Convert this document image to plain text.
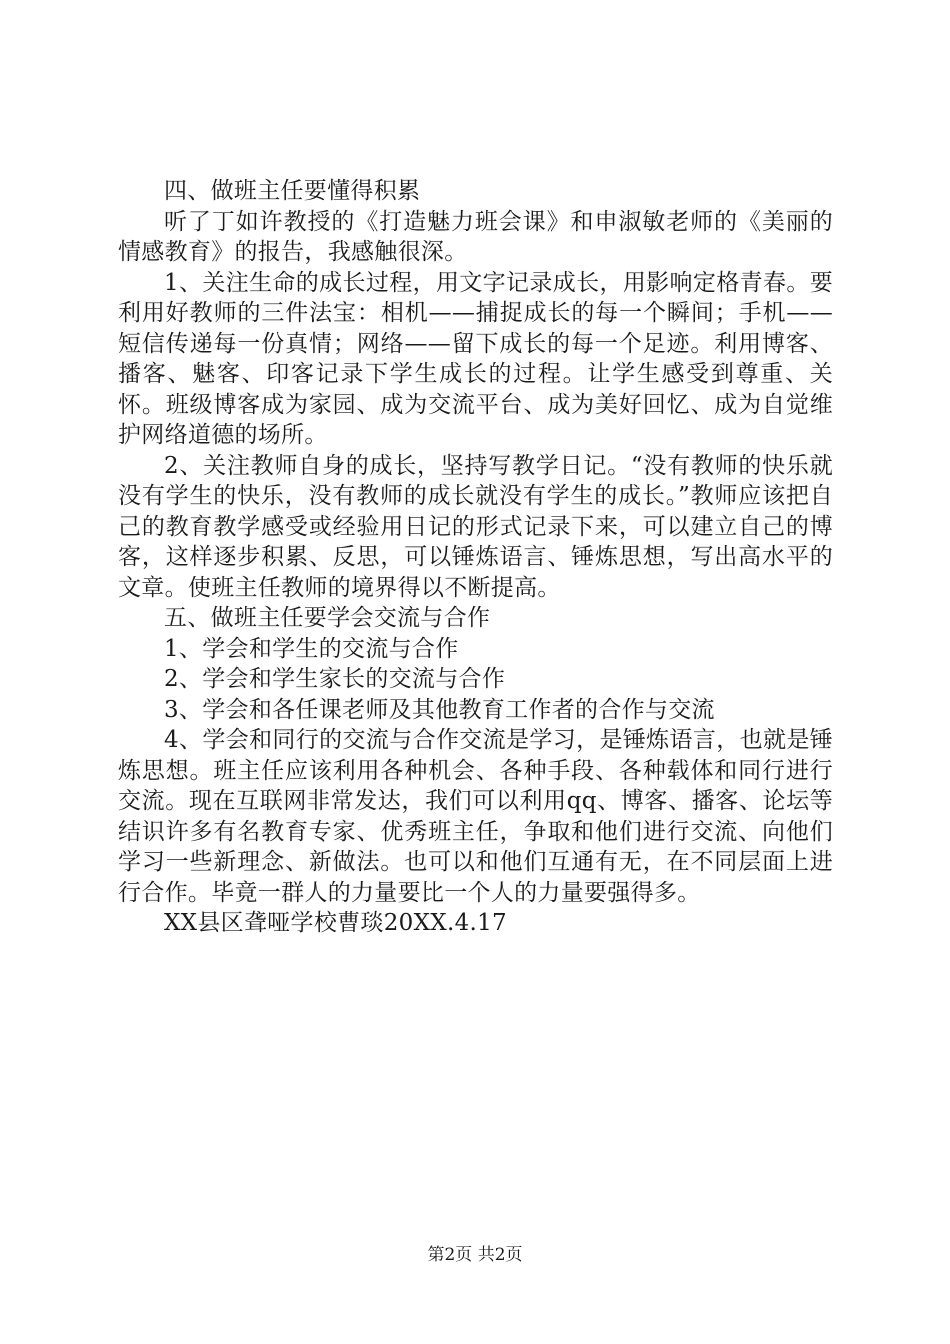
四、做班主任要懂得积累

听了丁如许教授的《打造魅力班会课》和申淑敏老师的《美丽的情感教育》的报告，我感触很深。

1、关注生命的成长过程，用文字记录成长，用影响定格青春。要利用好教师的三件法宝：相机——捕捉成长的每一个瞬间；手机——短信传递每一份真情；网络——留下成长的每一个足迹。利用博客、播客、魅客、印客记录下学生成长的过程。让学生感受到尊重、关怀。班级博客成为家园、成为交流平台、成为美好回忆、成为自觉维护网络道德的场所。

2、关注教师自身的成长，坚持写教学日记。“没有教师的快乐就没有学生的快乐，没有教师的成长就没有学生的成长。”教师应该把自己的教育教学感受或经验用日记的形式记录下来，可以建立自己的博客，这样逐步积累、反思，可以锤炼语言、锤炼思想，写出高水平的文章。使班主任教师的境界得以不断提高。

五、做班主任要学会交流与合作

1、学会和学生的交流与合作

2、学会和学生家长的交流与合作

3、学会和各任课老师及其他教育工作者的合作与交流

4、学会和同行的交流与合作交流是学习，是锤炼语言，也就是锤炼思想。班主任应该利用各种机会、各种手段、各种载体和同行进行交流。现在互联网非常发达，我们可以利用qq、博客、播客、论坛等结识许多有名教育专家、优秀班主任，争取和他们进行交流、向他们学习一些新理念、新做法。也可以和他们互通有无，在不同层面上进行合作。毕竟一群人的力量要比一个人的力量要强得多。

XX县区聋哑学校曹琰20XX.4.17

第2页 共2页
